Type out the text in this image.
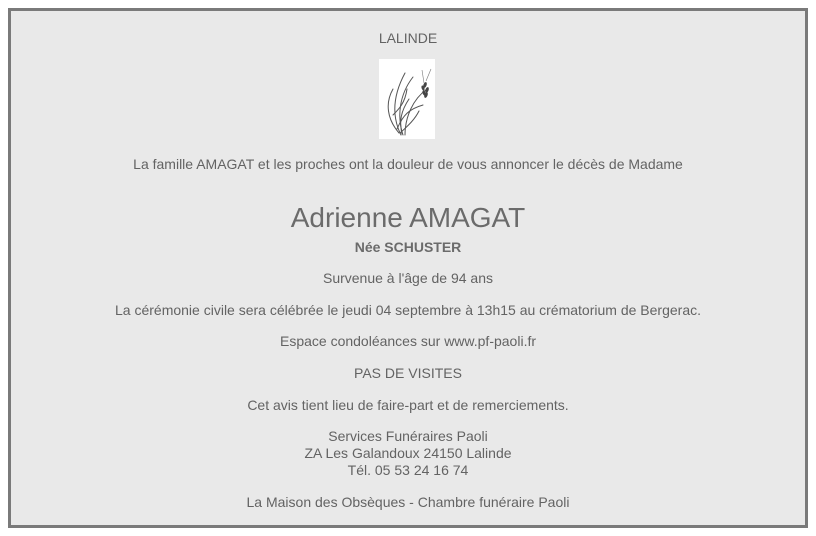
LALINDE
La famille AMAGAT et les proches ont la douleur de vous annoncer le décès de Madame
Adrienne AMAGAT
Née SCHUSTER
Survenue à l'âge de 94 ans
La cérémonie civile sera célébrée le jeudi 04 septembre à 13h15 au crématorium de Bergerac.
Espace condoléances sur www.pf-paoli.fr
PAS DE VISITES
Cet avis tient lieu de faire-part et de remerciements.
Services Funéraires Paoli
ZA Les Galandoux 24150 Lalinde
Tél. 05 53 24 16 74
La Maison des Obsèques - Chambre funéraire Paoli
